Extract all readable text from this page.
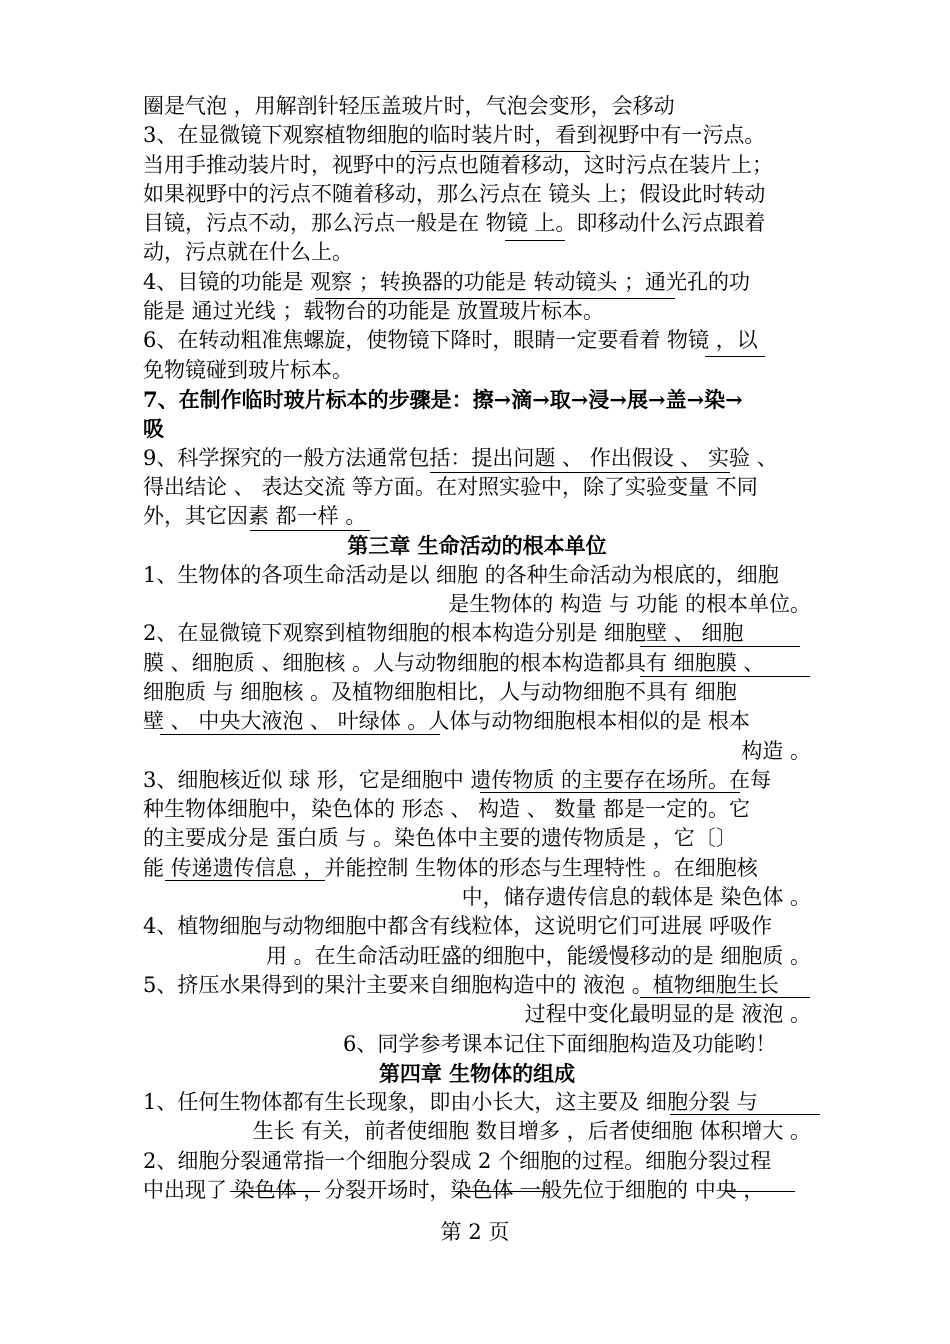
圈是气泡 ，用解剖针轻压盖玻片时，气泡会变形，会移动
3、在显微镜下观察植物细胞的临时装片时，看到视野中有一污点。
当用手推动装片时，视野中的污点也随着移动，这时污点在装片上；
如果视野中的污点不随着移动，那么污点在 镜头 上；假设此时转动
目镜，污点不动，那么污点一般是在 物镜 上。即移动什么污点跟着
动，污点就在什么上。
4、目镜的功能是 观察 ；转换器的功能是 转动镜头 ；通光孔的功
能是 通过光线 ；载物台的功能是 放置玻片标本。
6、在转动粗准焦螺旋，使物镜下降时，眼睛一定要看着 物镜 ，以
免物镜碰到玻片标本。
7、在制作临时玻片标本的步骤是：擦→滴→取→浸→展→盖→染→
吸
9、科学探究的一般方法通常包括：提出问题 、 作出假设 、 实验 、
得出结论 、 表达交流 等方面。在对照实验中，除了实验变量 不同
外，其它因素 都一样 。
第三章 生命活动的根本单位
1、生物体的各项生命活动是以 细胞 的各种生命活动为根底的，细胞
是生物体的 构造 与 功能 的根本单位。
2、在显微镜下观察到植物细胞的根本构造分别是 细胞壁 、 细胞
膜 、细胞质 、细胞核 。人与动物细胞的根本构造都具有 细胞膜 、
细胞质 与 细胞核 。及植物细胞相比，人与动物细胞不具有 细胞
壁 、 中央大液泡 、 叶绿体 。人体与动物细胞根本相似的是 根本
构造 。
3、细胞核近似 球 形，它是细胞中 遗传物质 的主要存在场所。在每
种生物体细胞中，染色体的 形态 、 构造 、 数量 都是一定的。它
的主要成分是 蛋白质 与 。染色体中主要的遗传物质是 ，它〔〕
能 传递遗传信息 ，并能控制 生物体的形态与生理特性 。在细胞核
中，储存遗传信息的载体是 染色体 。
4、植物细胞与动物细胞中都含有线粒体，这说明它们可进展 呼吸作
用 。在生命活动旺盛的细胞中，能缓慢移动的是 细胞质 。
5、挤压水果得到的果汁主要来自细胞构造中的 液泡 。植物细胞生长
过程中变化最明显的是 液泡 。
6、同学参考课本记住下面细胞构造及功能哟！
第四章 生物体的组成
1、任何生物体都有生长现象，即由小长大，这主要及 细胞分裂 与
生长 有关，前者使细胞 数目增多 ，后者使细胞 体积增大 。
2、细胞分裂通常指一个细胞分裂成 2 个细胞的过程。细胞分裂过程
中出现了 染色体 ，分裂开场时，染色体 一般先位于细胞的 中央 ，
第 2 页
